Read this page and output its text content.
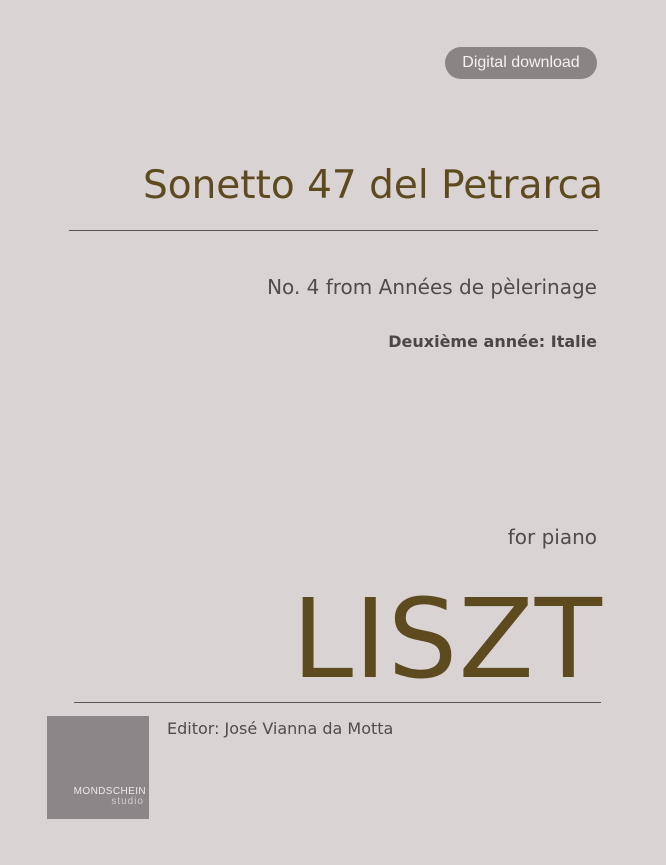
Digital download
Sonetto 47 del Petrarca
No. 4 from Années de pèlerinage
Deuxième année: Italie
for piano
LISZT
MONDSCHEIN
studio
Editor: José Vianna da Motta
